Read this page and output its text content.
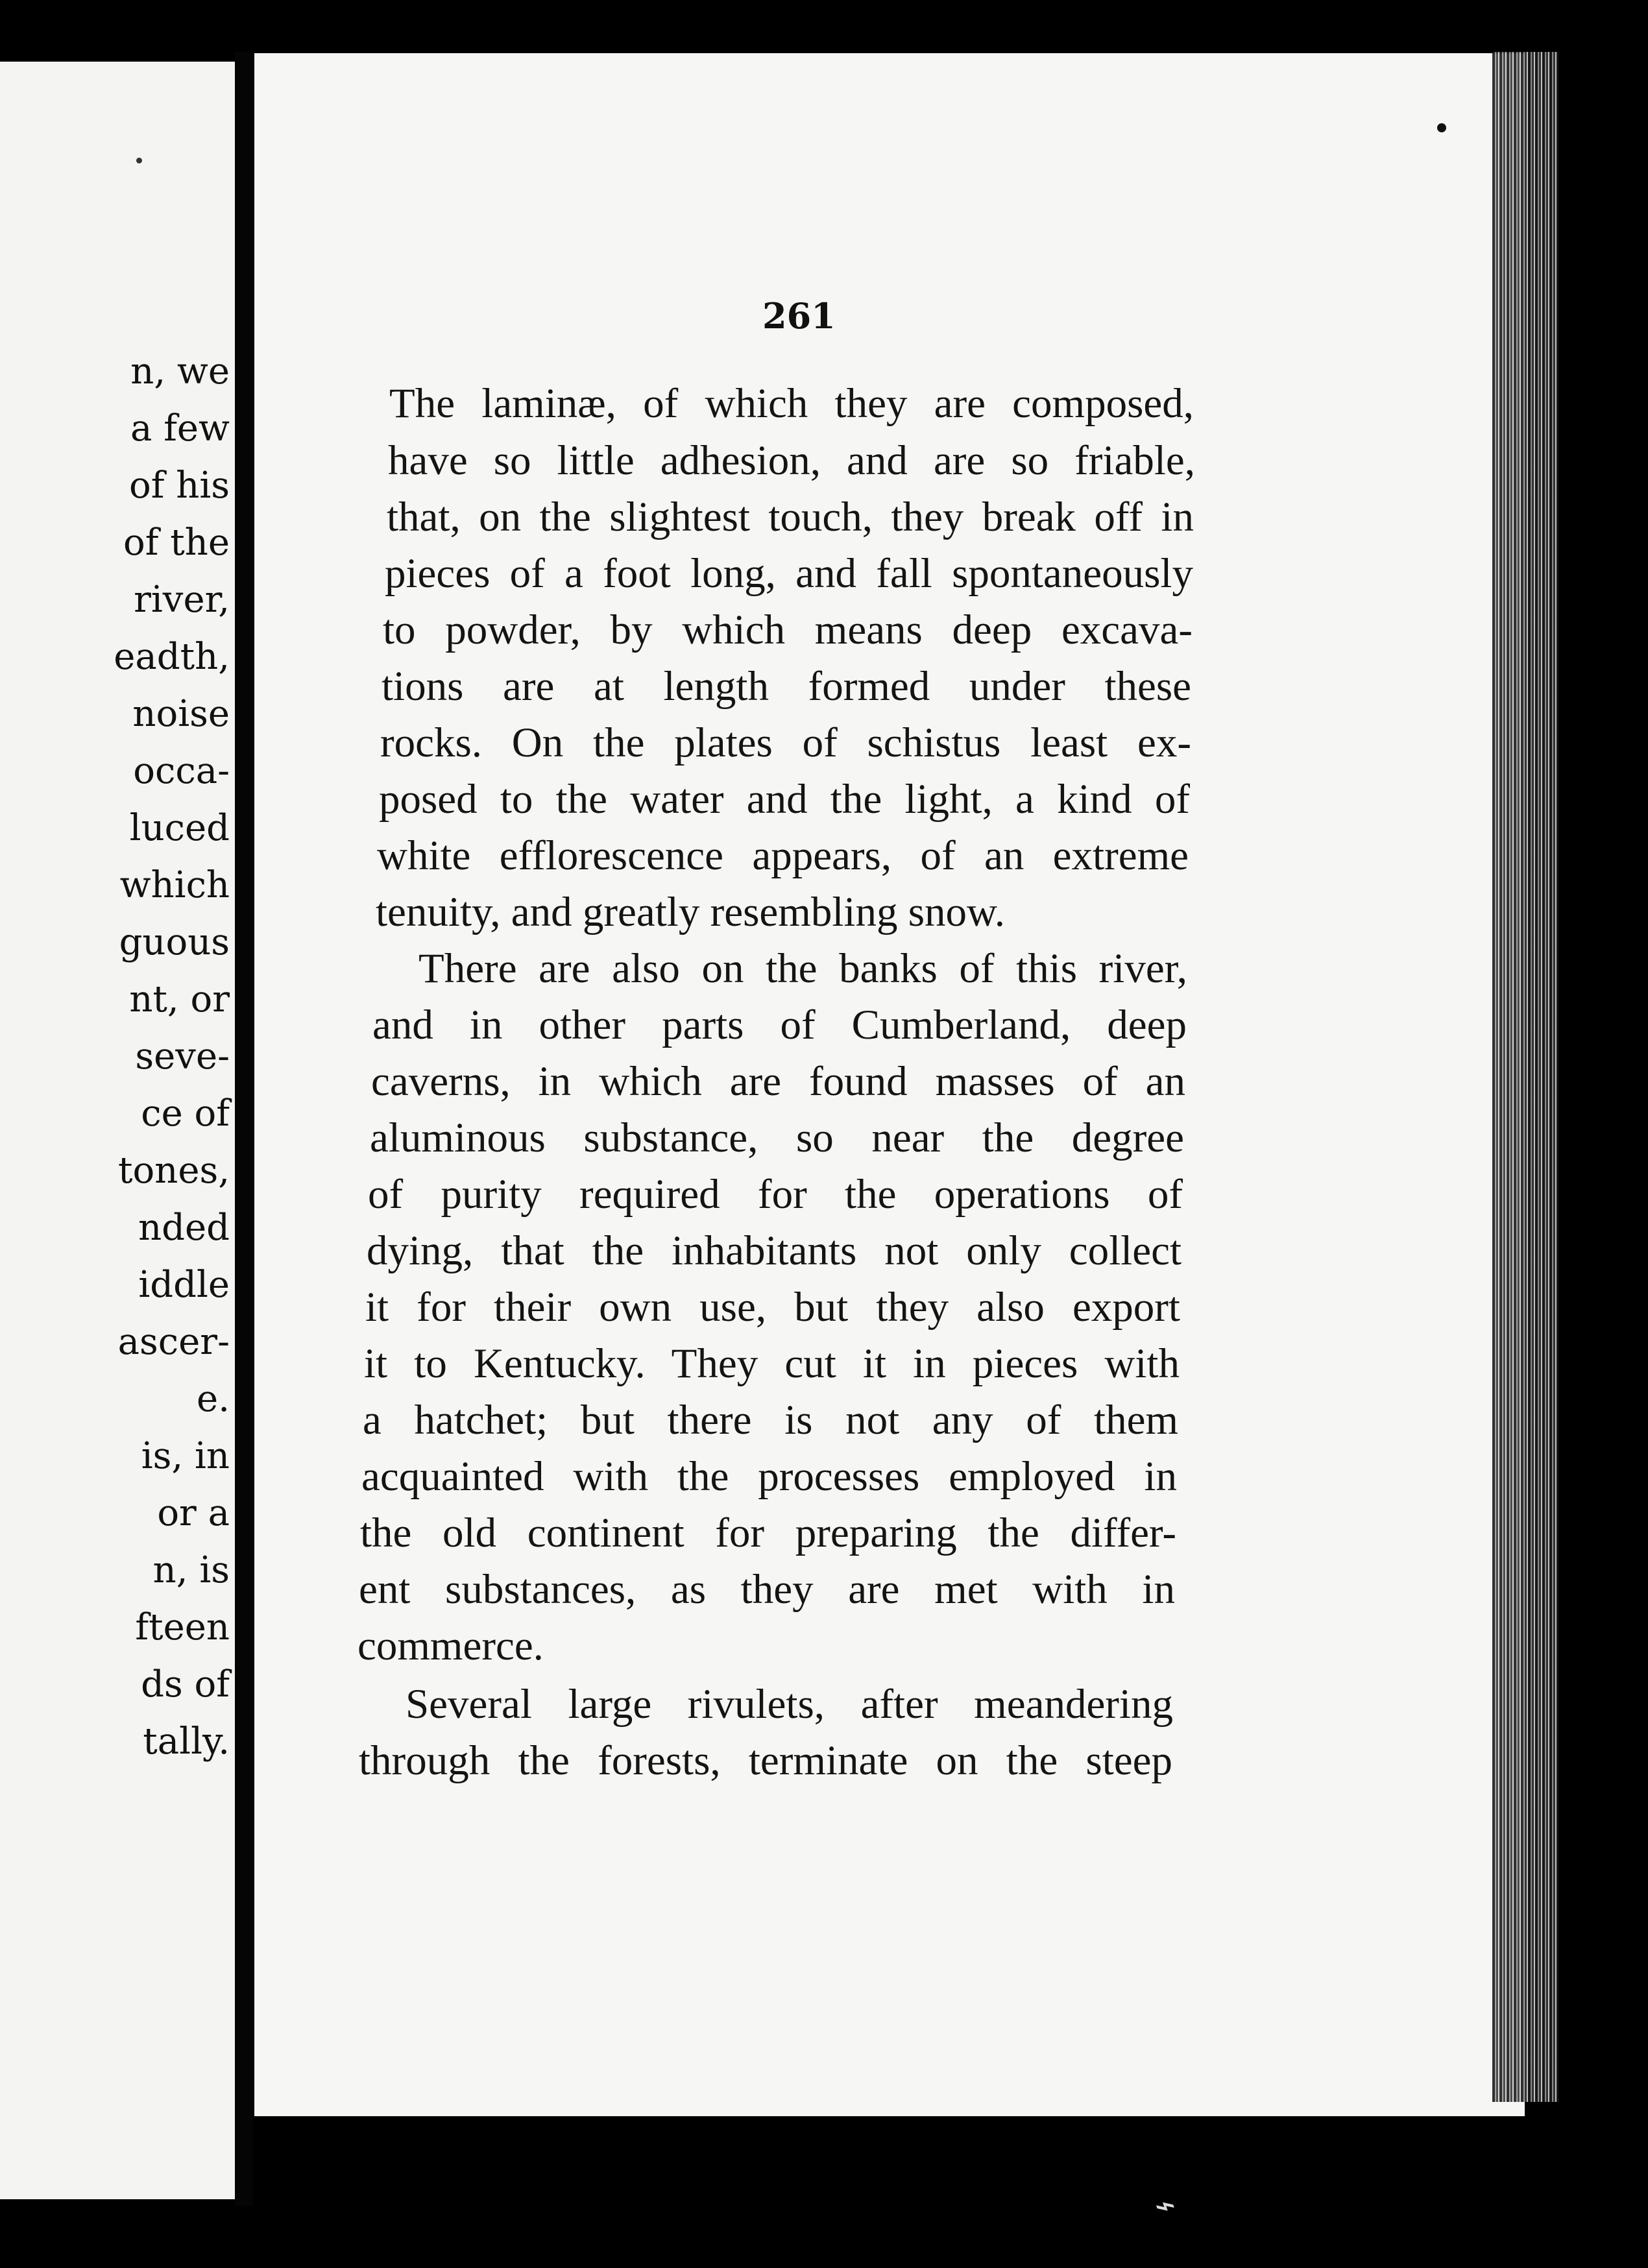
n, we
a few
of his
of the
river,
eadth,
noise
occa-
luced
which
guous
nt, or
seve-
ce of
tones,
nded
iddle
ascer-
e.
is, in
or a
n, is
fteen
ds of
tally.
261
The laminæ, of which they are composed,
have so little adhesion, and are so friable,
that, on the slightest touch, they break off in
pieces of a foot long, and fall spontaneously
to powder, by which means deep excava-
tions are at length formed under these
rocks. On the plates of schistus least ex-
posed to the water and the light, a kind of
white efflorescence appears, of an extreme
tenuity, and greatly resembling snow.
There are also on the banks of this river,
and in other parts of Cumberland, deep
caverns, in which are found masses of an
aluminous substance, so near the degree
of purity required for the operations of
dying, that the inhabitants not only collect
it for their own use, but they also export
it to Kentucky. They cut it in pieces with
a hatchet; but there is not any of them
acquainted with the processes employed in
the old continent for preparing the differ-
ent substances, as they are met with in
commerce.
Several large rivulets, after meandering
through the forests, terminate on the steep
⌁
